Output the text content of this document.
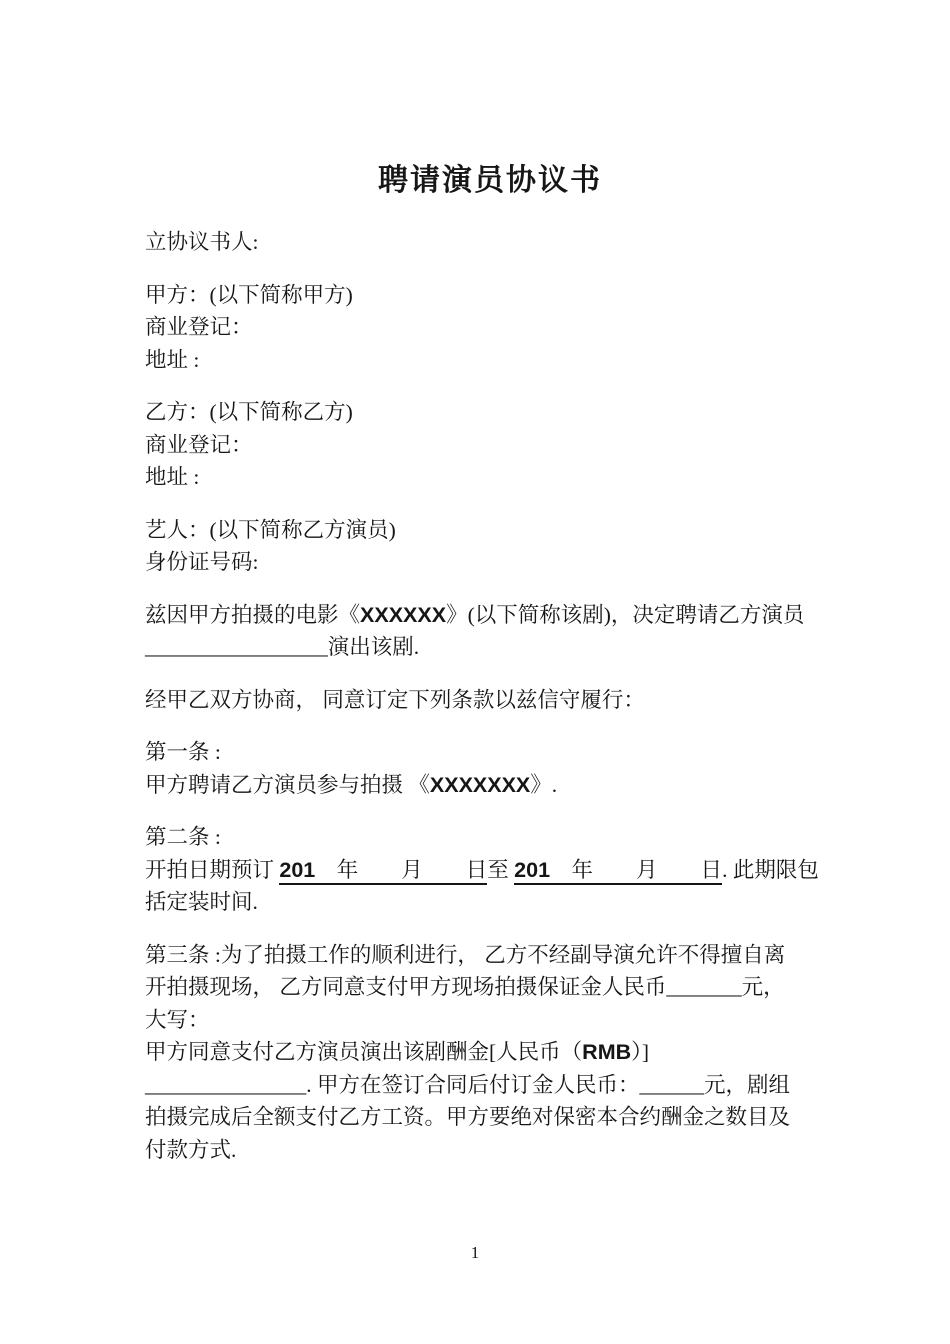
聘请演员协议书

立协议书人:

甲方：(以下简称甲方)

商业登记：

地址 :

乙方：(以下简称乙方)

商业登记：

地址 :

艺人：(以下简称乙方演员)

身份证号码:

兹因甲方拍摄的电影《XXXXXX》(以下简称该剧)，决定聘请乙方演员

_________________演出该剧.

经甲乙双方协商， 同意订定下列条款以兹信守履行：

第一条 :

甲方聘请乙方演员参与拍摄 《XXXXXXX》.

第二条 :

开拍日期预订 201　年　　月　　日至 201　年　　月　　日. 此期限包

括定装时间.

第三条 :为了拍摄工作的顺利进行， 乙方不经副导演允许不得擅自离

开拍摄现场， 乙方同意支付甲方现场拍摄保证金人民币_______元，

大写：

甲方同意支付乙方演员演出该剧酬金[人民币（RMB）]

_______________. 甲方在签订合同后付订金人民币：______元，剧组

拍摄完成后全额支付乙方工资。甲方要绝对保密本合约酬金之数目及

付款方式.

1
